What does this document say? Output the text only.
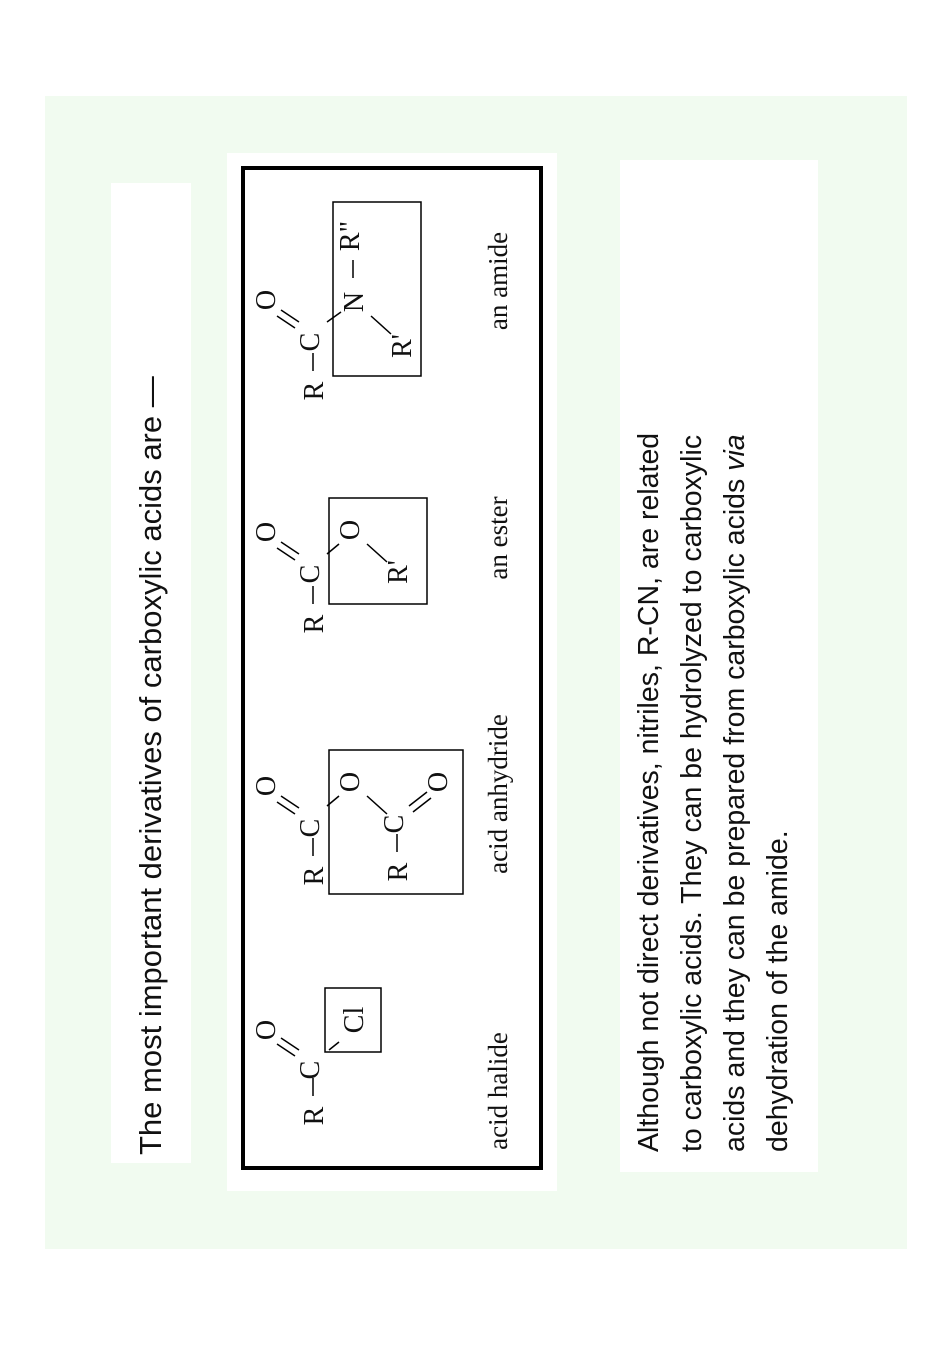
The most important derivatives of carboxylic acids are —	R
C
O Cl
acid halide
R
C
O O
R
C
O acid anhydride
R
C
O O
R'	an ester
R
C
O N
R'
R"	an amide

Although not direct derivatives, nitriles, R-CN, are related to carboxylic acids. They can be hydrolyzed to carboxylic acids and they can be prepared from carboxylic acids via

dehydration of the amide.
